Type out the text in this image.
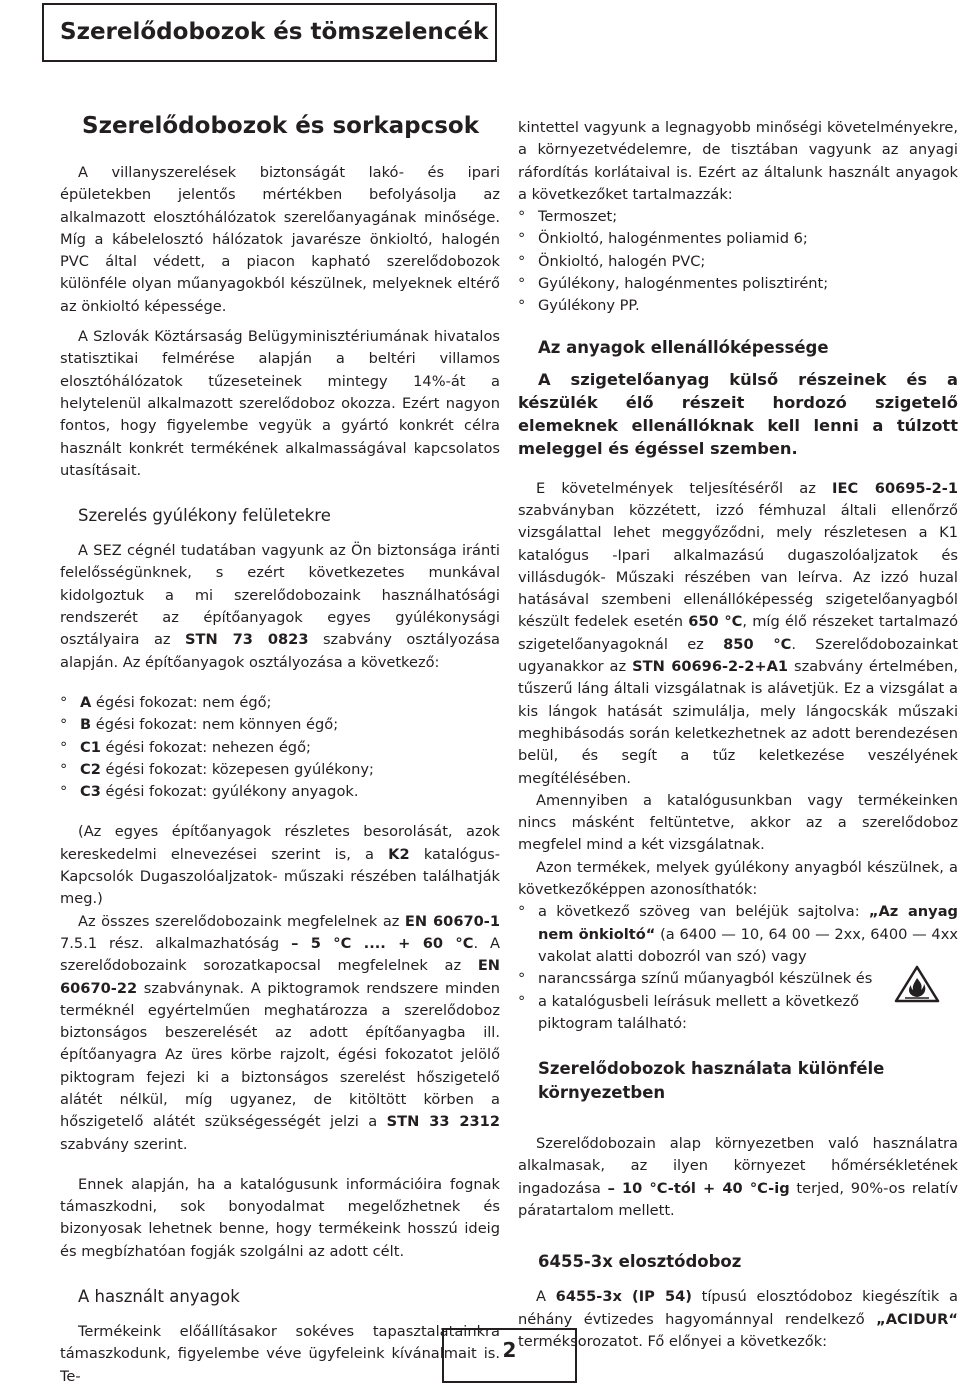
Szerelődobozok és tömszelencék
Szerelődobozok és sorkapcsok

A villanyszerelések biztonságát lakó- és ipari épületekben jelentős mértékben befolyásolja az alkalmazott elosztóhálózatok szerelőanyagának minősége. Míg a kábelelosztó hálózatok javarésze önkioltó, halogén PVC által védett, a piacon kapható szerelődobozok különféle olyan műanyagokból készülnek, melyeknek eltérő az önkioltó képessége.

A Szlovák Köztársaság Belügyminisztériumának hivatalos statisztikai felmérése alapján a beltéri villamos elosztóhálózatok tűzeseteinek mintegy 14%-át a helytelenül alkalmazott szerelődoboz okozza. Ezért nagyon fontos, hogy figyelembe vegyük a gyártó konkrét célra használt konkrét termékének alkalmasságával kapcsolatos utasításait.

Szerelés gyúlékony felületekre

A SEZ cégnél tudatában vagyunk az Ön biztonsága iránti felelősségünknek, s ezért következetes munkával kidolgoztuk a mi szerelődobozaink használhatósági rendszerét az építőanyagok egyes gyúlékonysági osztályaira az STN 73 0823 szabvány osztályozása alapján. Az építőanyagok osztályozása a következő:

° A égési fokozat: nem égő;
° B égési fokozat: nem könnyen égő;
° C1 égési fokozat: nehezen égő;
° C2 égési fokozat: közepesen gyúlékony;
° C3 égési fokozat: gyúlékony anyagok.

(Az egyes építőanyagok részletes besorolását, azok kereskedelmi elnevezései szerint is, a K2 katalógus- Kapcsolók Dugaszolóaljzatok- műszaki részében találhatják meg.)

Az összes szerelődobozaink megfelelnek az EN 60670-1 7.5.1 rész. alkalmazhatóság – 5 °C .... + 60 °C. A szerelődobozaink sorozatkapocsal megfelelnek az EN 60670-22 szabványnak. A piktogramok rendszere minden terméknél egyértelműen meghatározza a szerelődoboz biztonságos beszerelését az adott építőanyagba ill. építőanyagra Az üres körbe rajzolt, égési fokozatot jelölő piktogram fejezi ki a biztonságos szerelést hőszigetelő alátét nélkül, míg ugyanez, de kitöltött körben a hőszigetelő alátét szükségességét jelzi a STN 33 2312 szabvány szerint.

Ennek alapján, ha a katalógusunk információira fognak támaszkodni, sok bonyodalmat megelőzhetnek és bizonyosak lehetnek benne, hogy termékeink hosszú ideig és megbízhatóan fogják szolgálni az adott célt.

A használt anyagok

Termékeink előállításakor sokéves tapasztalatainkra támaszkodunk, figyelembe véve ügyfeleink kívánalmait is. Te-

kintettel vagyunk a legnagyobb minőségi követelményekre, a környezetvédelemre, de tisztában vagyunk az anyagi ráfordítás korlátaival is. Ezért az általunk használt anyagok a következőket tartalmazzák:

° Termoszet;
° Önkioltó, halogénmentes poliamid 6;
° Önkioltó, halogén PVC;
° Gyúlékony, halogénmentes polisztirént;
° Gyúlékony PP.
Az anyagok ellenállóképessége

A szigetelőanyag külső részeinek és a készülék élő részeit hordozó szigetelő elemeknek ellenállóknak kell lenni a túlzott meleggel és égéssel szemben.

E követelmények teljesítéséről az IEC 60695-2-1 szabványban közzétett, izzó fémhuzal általi ellenőrző vizsgálattal lehet meggyőződni, mely részletesen a K1 katalógus -Ipari alkalmazású dugaszolóaljzatok és villásdugók- Műszaki részében van leírva. Az izzó huzal hatásával szembeni ellenállóképesség szigetelőanyagból készült fedelek esetén 650 °C, míg élő részeket tartalmazó szigetelőanyagoknál ez 850 °C. Szerelődobozainkat ugyanakkor az STN 60696-2-2+A1 szabvány értelmében, tűszerű láng általi vizsgálatnak is alávetjük. Ez a vizsgálat a kis lángok hatását szimulálja, mely lángocskák műszaki meghibásodás során keletkezhetnek az adott berendezésen belül, és segít a tűz keletkezése veszélyének megítélésében.

Amennyiben a katalógusunkban vagy termékeinken nincs másként feltüntetve, akkor az a szerelődoboz megfelel mind a két vizsgálatnak.

Azon termékek, melyek gyúlékony anyagból készülnek, a következőképpen azonosíthatók:

° a következő szöveg van beléjük sajtolva: „Az anyag nem önkioltó“ (a 6400 — 10, 64 00 — 2xx, 6400 — 4xx vakolat alatti dobozról van szó) vagy
° narancssárga színű műanyagból készülnek és
° a katalógusbeli leírásuk mellett a következő piktogram található:
Szerelődobozok használata különféle környezetben

Szerelődobozain alap környezetben való használatra alkalmasak, az ilyen környezet hőmérsékletének ingadozása – 10 °C-tól + 40 °C-ig terjed, 90%-os relatív páratartalom mellett.

6455-3x elosztódoboz

A 6455-3x (IP 54) típusú elosztódoboz kiegészítik a néhány évtizedes hagyománnyal rendelkező „ACIDUR“ terméksorozatot. Fő előnyei a következők:

2
